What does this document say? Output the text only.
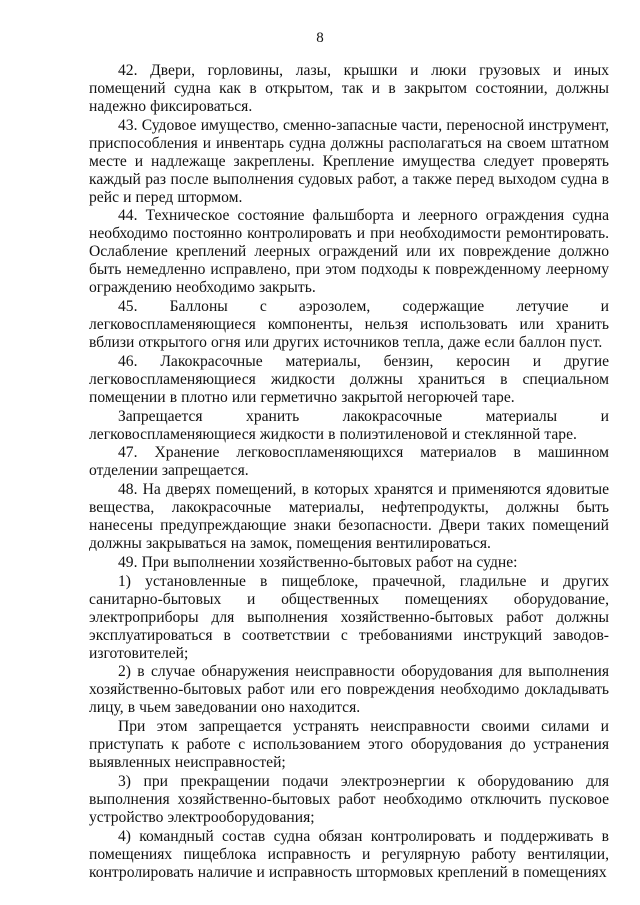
8

42. Двери, горловины, лазы, крышки и люки грузовых и иных помещений судна как в открытом, так и в закрытом состоянии, должны надежно фиксироваться.

43. Судовое имущество, сменно-запасные части, переносной инструмент, приспособления и инвентарь судна должны располагаться на своем штатном месте и надлежаще закреплены. Крепление имущества следует проверять каждый раз после выполнения судовых работ, а также перед выходом судна в рейс и перед штормом.

44. Техническое состояние фальшборта и леерного ограждения судна необходимо постоянно контролировать и при необходимости ремонтировать. Ослабление креплений леерных ограждений или их повреждение должно быть немедленно исправлено, при этом подходы к поврежденному леерному ограждению необходимо закрыть.

45. Баллоны с аэрозолем, содержащие летучие и легковоспламеняющиеся компоненты, нельзя использовать или хранить вблизи открытого огня или других источников тепла, даже если баллон пуст.

46. Лакокрасочные материалы, бензин, керосин и другие легковоспламеняющиеся жидкости должны храниться в специальном помещении в плотно или герметично закрытой негорючей таре.

Запрещается хранить лакокрасочные материалы и легковоспламеняющиеся жидкости в полиэтиленовой и стеклянной таре.

47. Хранение легковоспламеняющихся материалов в машинном отделении запрещается.

48. На дверях помещений, в которых хранятся и применяются ядовитые вещества, лакокрасочные материалы, нефтепродукты, должны быть нанесены предупреждающие знаки безопасности. Двери таких помещений должны закрываться на замок, помещения вентилироваться.

49. При выполнении хозяйственно-бытовых работ на судне:

1) установленные в пищеблоке, прачечной, гладильне и других санитарно-бытовых и общественных помещениях оборудование, электроприборы для выполнения хозяйственно-бытовых работ должны эксплуатироваться в соответствии с требованиями инструкций заводов-изготовителей;

2) в случае обнаружения неисправности оборудования для выполнения хозяйственно-бытовых работ или его повреждения необходимо докладывать лицу, в чьем заведовании оно находится.

При этом запрещается устранять неисправности своими силами и приступать к работе с использованием этого оборудования до устранения выявленных неисправностей;

3) при прекращении подачи электроэнергии к оборудованию для выполнения хозяйственно-бытовых работ необходимо отключить пусковое устройство электрооборудования;

4) командный состав судна обязан контролировать и поддерживать в помещениях пищеблока исправность и регулярную работу вентиляции, контролировать наличие и исправность штормовых креплений в помещениях
